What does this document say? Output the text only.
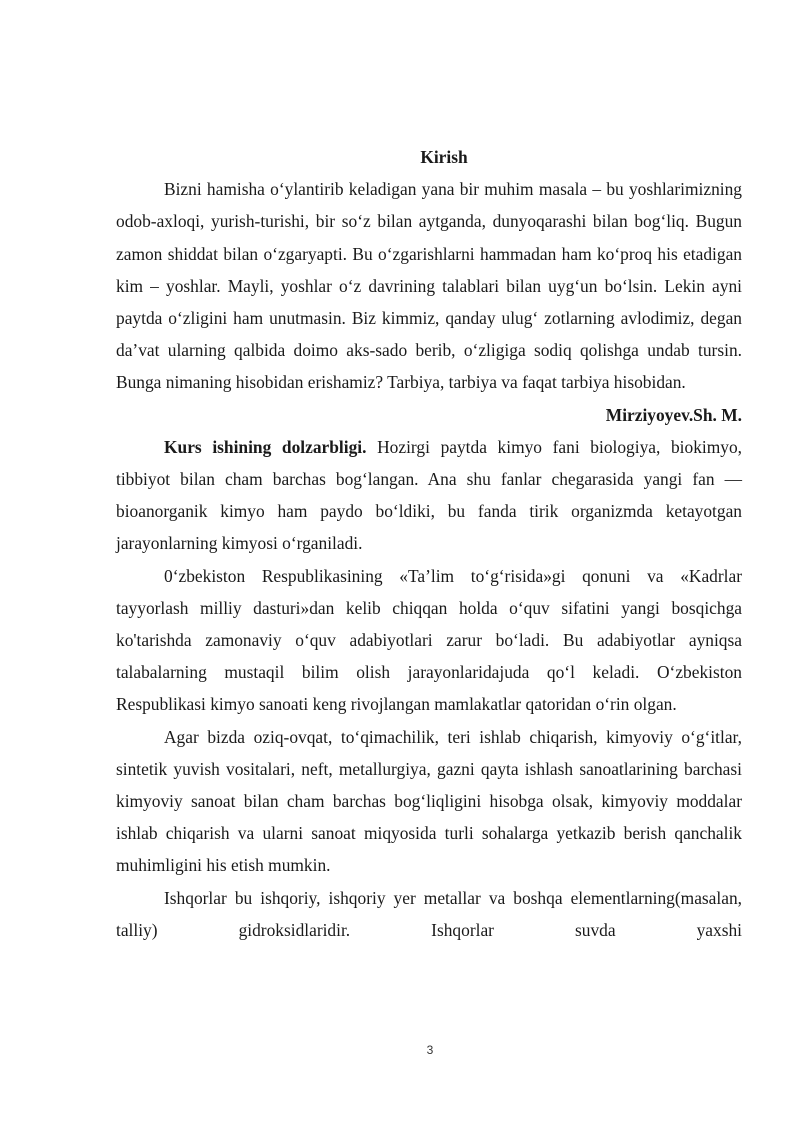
Kirish

Bizni hamisha o‘ylantirib keladigan yana bir muhim masala – bu yoshlarimizning odob-axloqi, yurish-turishi, bir so‘z bilan aytganda, dunyoqarashi bilan bog‘liq. Bugun zamon shiddat bilan o‘zgaryapti. Bu o‘zgarishlarni hammadan ham ko‘proq his etadigan kim – yoshlar. Mayli, yoshlar o‘z davrining talablari bilan uyg‘un bo‘lsin. Lekin ayni paytda o‘zligini ham unutmasin. Biz kimmiz, qanday ulug‘ zotlarning avlodimiz, degan da’vat ularning qalbida doimo aks-sado berib, o‘zligiga sodiq qolishga undab tursin. Bunga nimaning hisobidan erishamiz? Tarbiya, tarbiya va faqat tarbiya hisobidan.

Mirziyoyev.Sh. M.

Kurs ishining dolzarbligi. Hozirgi paytda kimyo fani biologiya, biokimyo, tibbiyot bilan cham barchas bog‘langan. Ana shu fanlar chegarasida yangi fan — bioanorganik kimyo ham paydo bo‘ldiki, bu fanda tirik organizmda ketayotgan jarayonlarning kimyosi o‘rganiladi.

0‘zbekiston Respublikasining «Ta’lim to‘g‘risida»gi qonuni va «Kadrlar tayyorlash milliy dasturi»dan kelib chiqqan holda o‘quv sifatini yangi bosqichga ko'tarishda zamonaviy o‘quv adabiyotlari zarur bo‘ladi. Bu adabiyotlar ayniqsa talabalarning mustaqil bilim olish jarayonlaridajuda qo‘l keladi. O‘zbekiston Respublikasi kimyo sanoati keng rivojlangan mamlakatlar qatoridan o‘rin olgan.

Agar bizda oziq-ovqat, to‘qimachilik, teri ishlab chiqarish, kimyoviy o‘g‘itlar, sintetik yuvish vositalari, neft, metallurgiya, gazni qayta ishlash sanoatlarining barchasi kimyoviy sanoat bilan cham barchas bog‘liqligini hisobga olsak, kimyoviy moddalar ishlab chiqarish va ularni sanoat miqyosida turli sohalarga yetkazib berish qanchalik muhimligini his etish mumkin.

Ishqorlar bu ishqoriy, ishqoriy yer metallar va boshqa elementlarning(masalan, talliy) gidroksidlaridir. Ishqorlar suvda yaxshi

3
